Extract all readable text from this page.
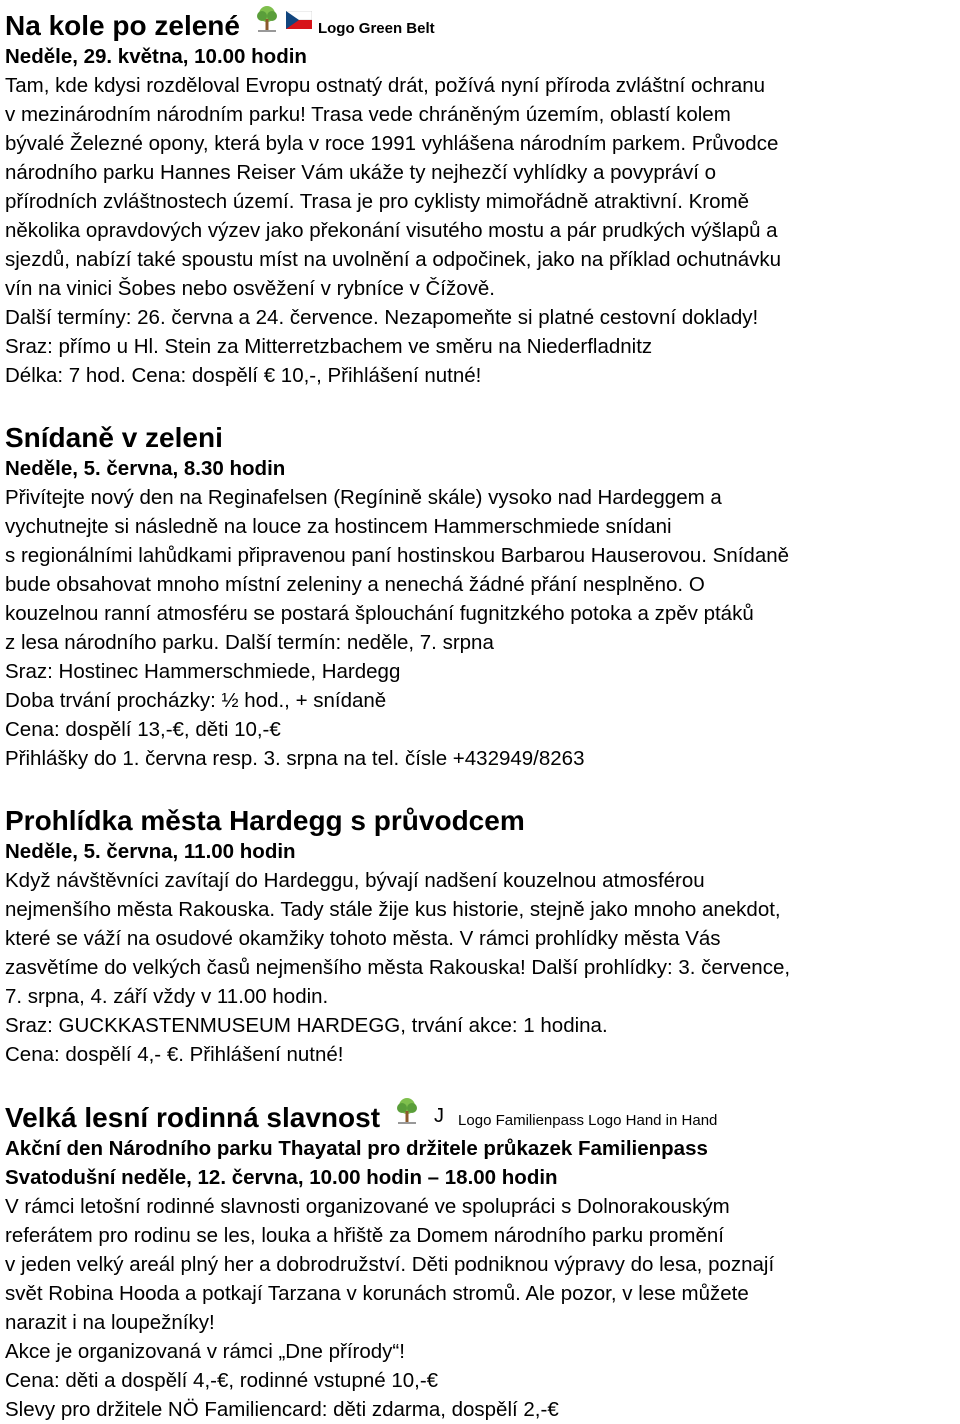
Na kole po zelené	Logo Green Belt
Neděle, 29. května, 10.00 hodin
Tam, kde kdysi rozděloval Evropu ostnatý drát, požívá nyní příroda zvláštní ochranu
v mezinárodním národním parku! Trasa vede chráněným územím, oblastí kolem
bývalé Železné opony, která byla v roce 1991 vyhlášena národním parkem. Průvodce
národního parku Hannes Reiser Vám ukáže ty nejhezčí vyhlídky a povypráví o
přírodních zvláštnostech území. Trasa je pro cyklisty mimořádně atraktivní. Kromě
několika opravdových výzev jako překonání visutého mostu a pár prudkých výšlapů a
sjezdů, nabízí také spoustu míst na uvolnění a odpočinek, jako na příklad ochutnávku
vín na vinici Šobes nebo osvěžení v rybníce v Čížově.
Další termíny: 26. června a 24. července. Nezapomeňte si platné cestovní doklady!
Sraz: přímo u Hl. Stein za Mitterretzbachem ve směru na Niederfladnitz
Délka: 7 hod. Cena: dospělí € 10,-, Přihlášení nutné!
Snídaně v zeleni
Neděle, 5. června, 8.30 hodin
Přivítejte nový den na Reginafelsen (Regínině skále) vysoko nad Hardeggem a
vychutnejte si následně na louce za hostincem Hammerschmiede snídani
s regionálními lahůdkami připravenou paní hostinskou Barbarou Hauserovou. Snídaně
bude obsahovat mnoho místní zeleniny a nenechá žádné přání nesplněno. O
kouzelnou ranní atmosféru se postará šplouchání fugnitzkého potoka a zpěv ptáků
z lesa národního parku. Další termín: neděle, 7. srpna
Sraz: Hostinec Hammerschmiede, Hardegg
Doba trvání procházky: ½ hod., + snídaně
Cena: dospělí 13,-€, děti 10,-€
Přihlášky do 1. června resp. 3. srpna na tel. čísle +432949/8263
Prohlídka města Hardegg s průvodcem
Neděle, 5. června, 11.00 hodin
Když návštěvníci zavítají do Hardeggu, bývají nadšení kouzelnou atmosférou
nejmenšího města Rakouska. Tady stále žije kus historie, stejně jako mnoho anekdot,
které se váží na osudové okamžiky tohoto města. V rámci prohlídky města Vás
zasvětíme do velkých časů nejmenšího města Rakouska! Další prohlídky: 3. července,
7. srpna, 4. září vždy v 11.00 hodin.
Sraz: GUCKKASTENMUSEUM HARDEGG, trvání akce: 1 hodina.
Cena: dospělí 4,- €. Přihlášení nutné!
Velká lesní rodinná slavnost	J Logo Familienpass Logo Hand in Hand
Akční den Národního parku Thayatal pro držitele průkazek Familienpass
Svatodušní neděle, 12. června, 10.00 hodin – 18.00 hodin
V rámci letošní rodinné slavnosti organizované ve spolupráci s Dolnorakouským
referátem pro rodinu se les, louka a hřiště za Domem národního parku promění
v jeden velký areál plný her a dobrodružství. Děti podniknou výpravy do lesa, poznají
svět Robina Hooda a potkají Tarzana v korunách stromů. Ale pozor, v lese můžete
narazit i na loupežníky!
Akce je organizovaná v rámci „Dne přírody“!
Cena: děti a dospělí 4,-€, rodinné vstupné 10,-€
Slevy pro držitele NÖ Familiencard: děti zdarma, dospělí 2,-€
